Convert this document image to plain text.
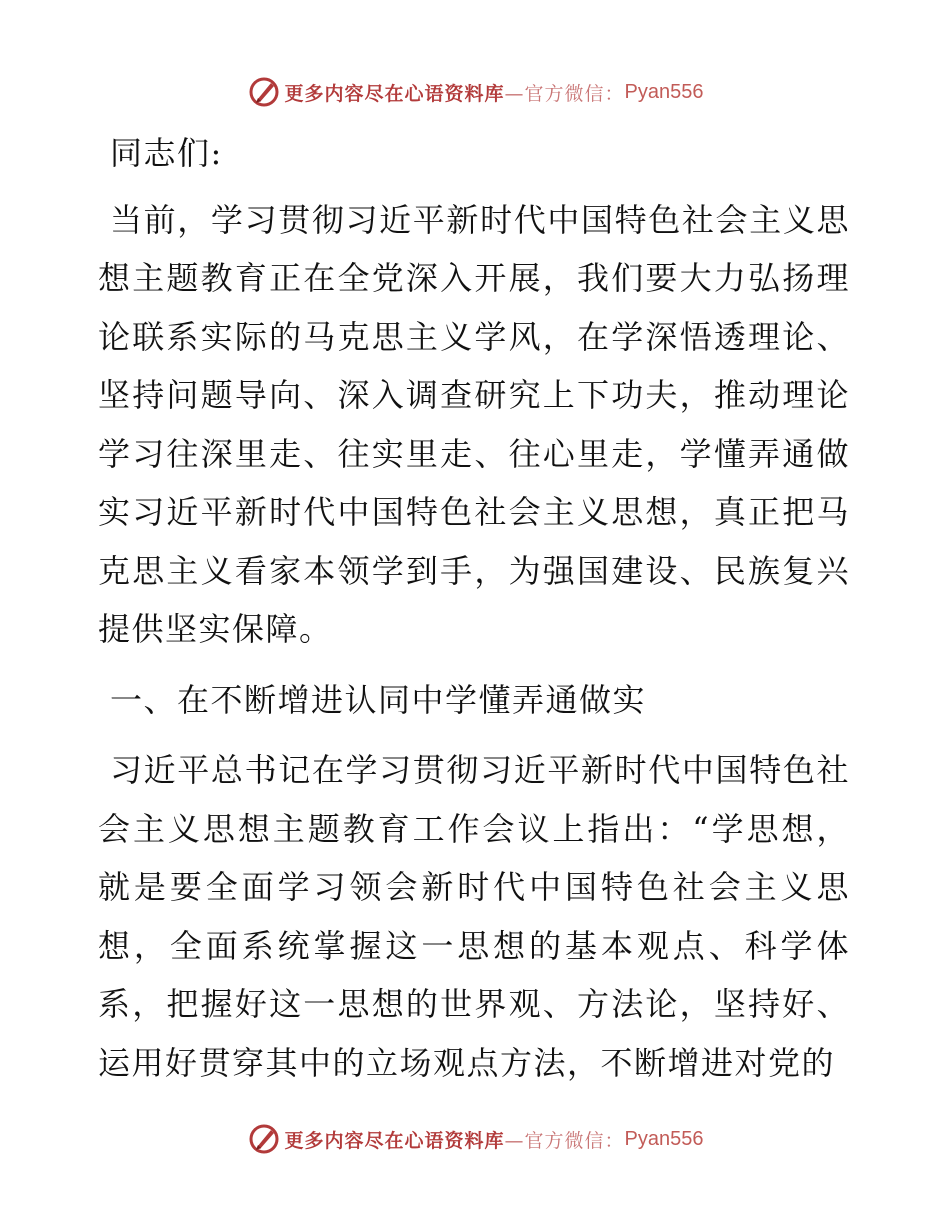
更多内容尽在心语资料库 —官方微信： Pyan556

同志们:

当前，学习贯彻习近平新时代中国特色社会主义思想主题教育正在全党深入开展，我们要大力弘扬理论联系实际的马克思主义学风，在学深悟透理论、坚持问题导向、深入调查研究上下功夫，推动理论学习往深里走、往实里走、往心里走，学懂弄通做实习近平新时代中国特色社会主义思想，真正把马克思主义看家本领学到手，为强国建设、民族复兴提供坚实保障。

一、在不断增进认同中学懂弄通做实

习近平总书记在学习贯彻习近平新时代中国特色社会主义思想主题教育工作会议上指出：“学思想，就是要全面学习领会新时代中国特色社会主义思想，全面系统掌握这一思想的基本观点、科学体系，把握好这一思想的世界观、方法论，坚持好、运用好贯穿其中的立场观点方法，不断增进对党的

更多内容尽在心语资料库 —官方微信： Pyan556
